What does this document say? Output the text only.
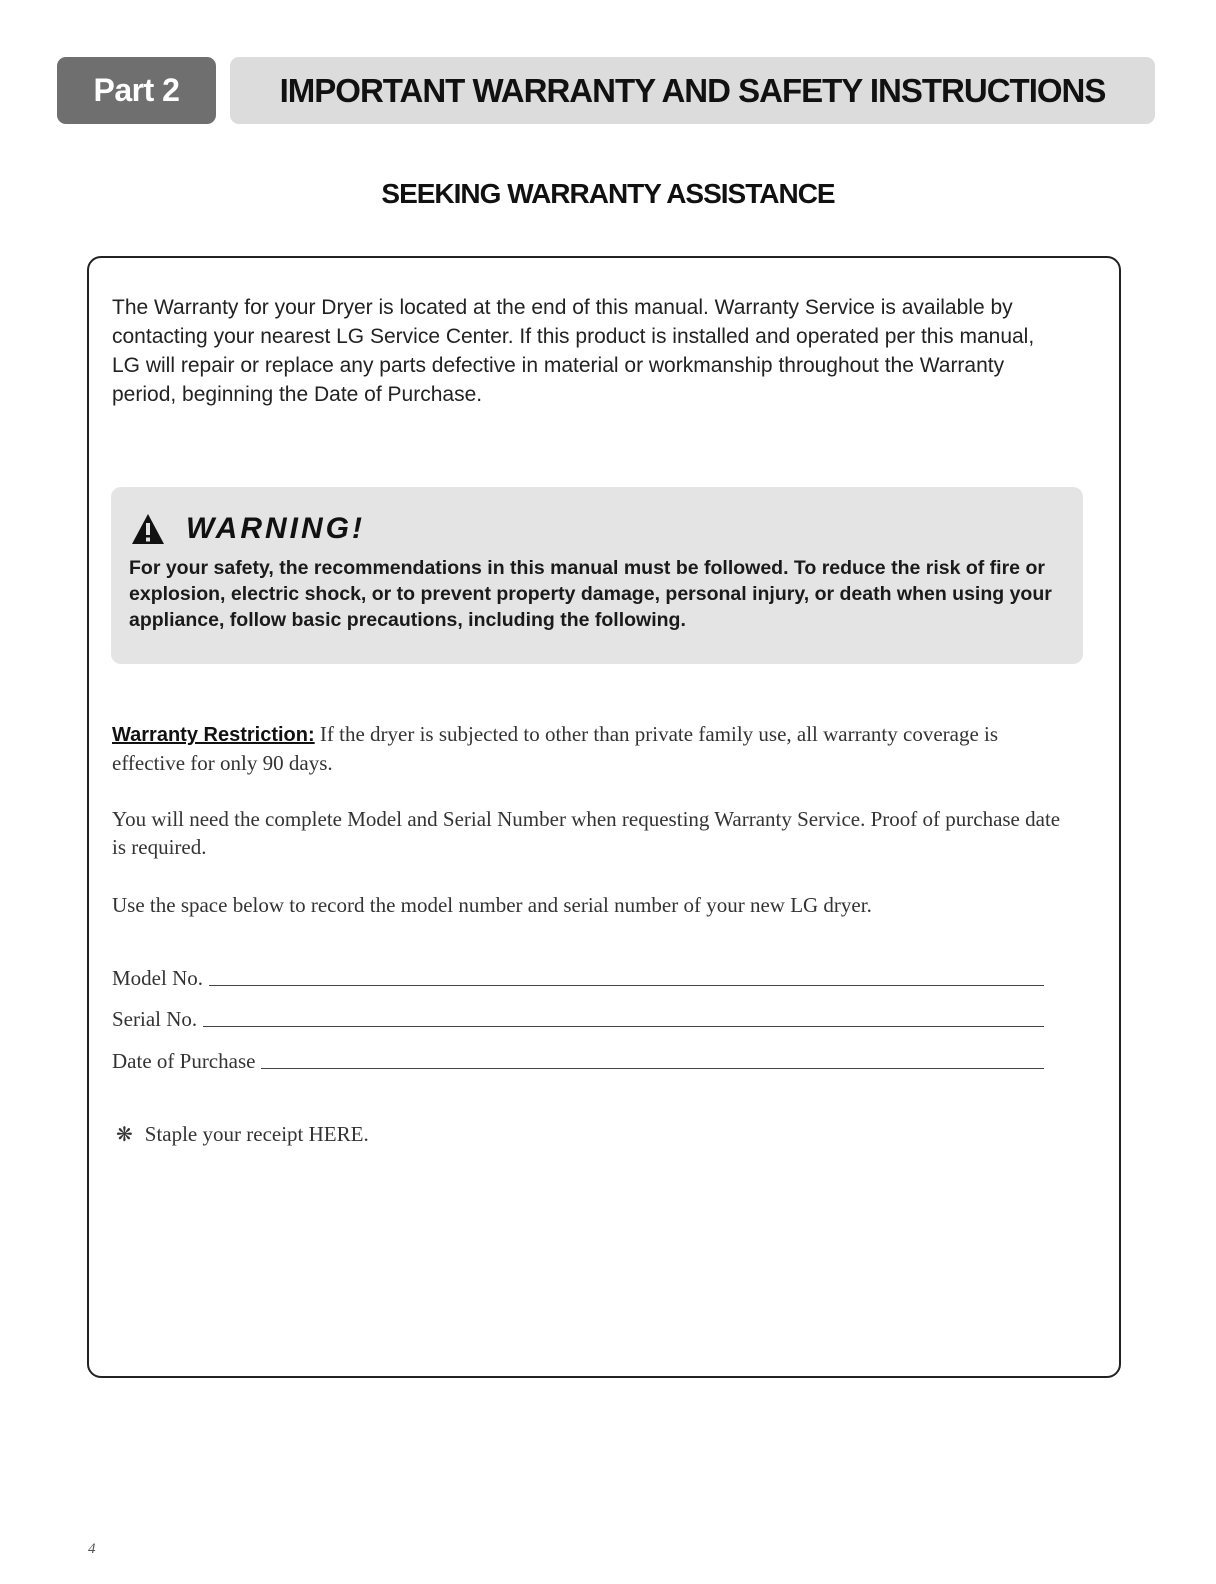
Part 2	IMPORTANT WARRANTY AND SAFETY INSTRUCTIONS
SEEKING WARRANTY ASSISTANCE
The Warranty for your Dryer is located at the end of this manual. Warranty Service is available by contacting your nearest LG Service Center. If this product is installed and operated per this manual, LG will repair or replace any parts defective in material or workmanship throughout the Warranty period, beginning the Date of Purchase.
WARNING!
For your safety, the recommendations in this manual must be followed. To reduce the risk of fire or explosion, electric shock, or to prevent property damage, personal injury, or death when using your appliance, follow basic precautions, including the following.
Warranty Restriction: If the dryer is subjected to other than private family use, all warranty coverage is effective for only 90 days.
You will need the complete Model and Serial Number when requesting Warranty Service. Proof of purchase date is required.
Use the space below to record the model number and serial number of your new LG dryer.
Model No.
Serial No.
Date of Purchase
❋ Staple your receipt HERE.
4
